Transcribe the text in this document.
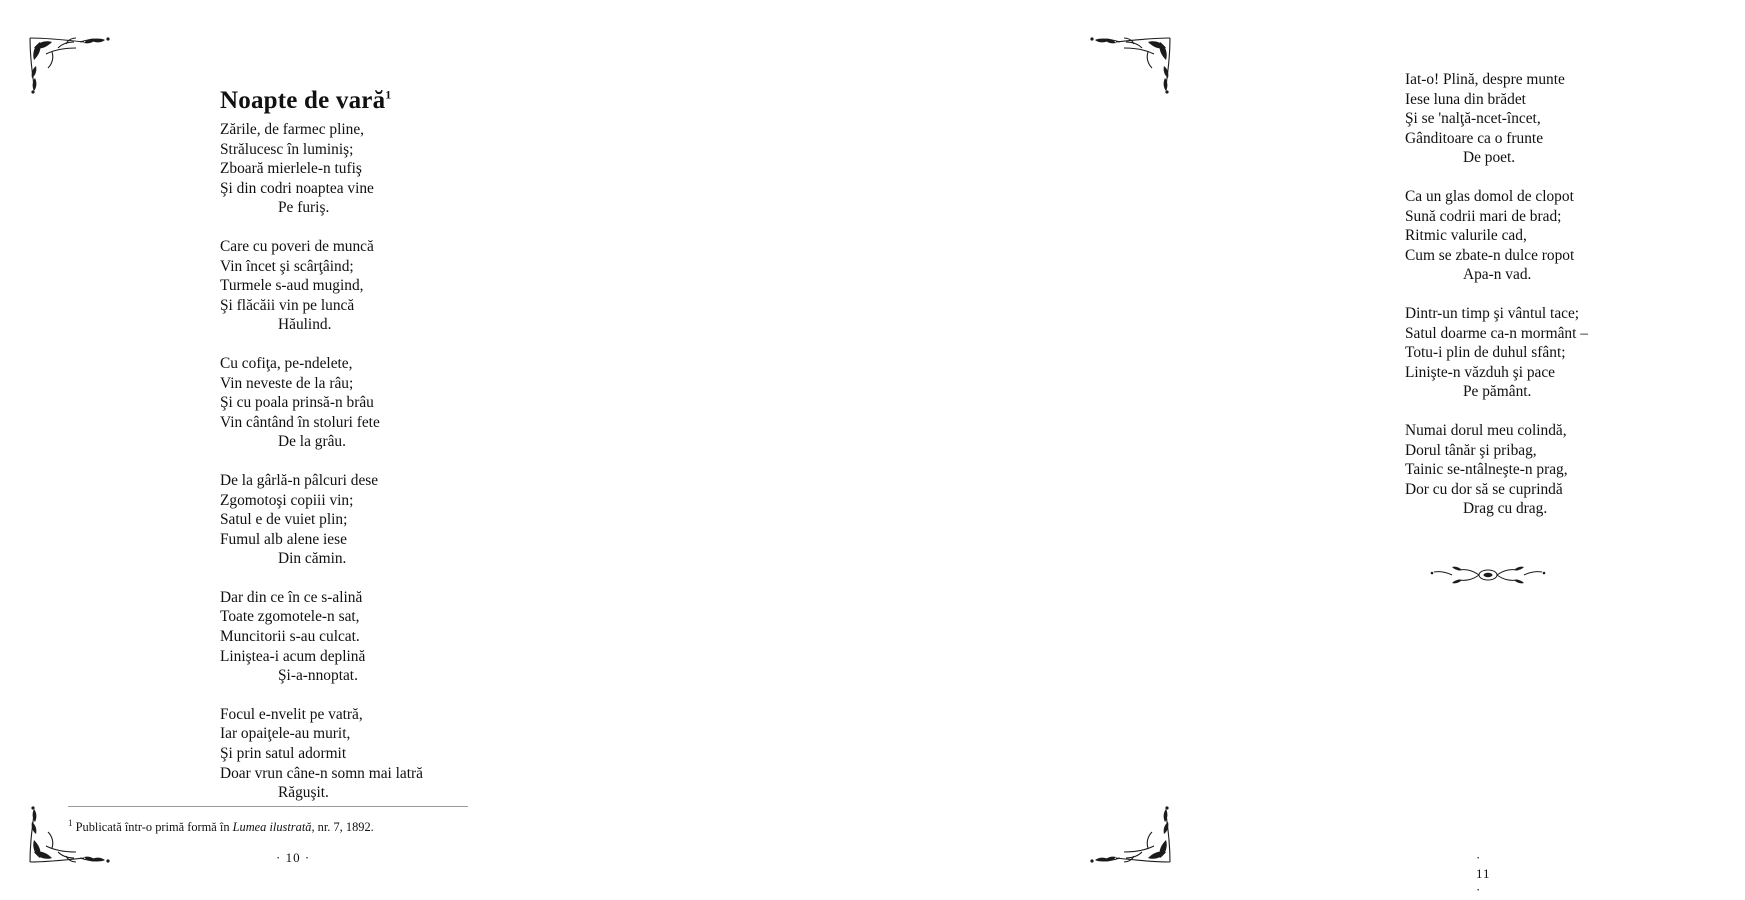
Noapte de vară$^1$
Zările, de farmec pline,
Strălucesc în luminiş;
Zboară mierlele-n tufiş
Şi din codri noaptea vine
Pe furiş.
Care cu poveri de muncă
Vin încet şi scârţâind;
Turmele s-aud mugind,
Şi flăcăii vin pe luncă
Hăulind.
Cu cofiţa, pe-ndelete,
Vin neveste de la râu;
Şi cu poala prinsă-n brâu
Vin cântând în stoluri fete
De la grâu.
De la gârlă-n pâlcuri dese
Zgomotoşi copiii vin;
Satul e de vuiet plin;
Fumul alb alene iese
Din cămin.
Dar din ce în ce s-alină
Toate zgomotele-n sat,
Muncitorii s-au culcat.
Liniştea-i acum deplină
Şi-a-nnoptat.
Focul e-nvelit pe vatră,
Iar opaiţele-au murit,
Şi prin satul adormit
Doar vrun câne-n somn mai latră
Răguşit.
$^1$ Publicată într-o primă formă în Lumea ilustrată, nr. 7, 1892.
· 10 ·
Iat-o! Plină, despre munte
Iese luna din brădet
Şi se 'nalţă-ncet-încet,
Gânditoare ca o frunte
De poet.
Ca un glas domol de clopot
Sună codrii mari de brad;
Ritmic valurile cad,
Cum se zbate-n dulce ropot
Apa-n vad.
Dintr-un timp şi vântul tace;
Satul doarme ca-n mormânt –
Totu-i plin de duhul sfânt;
Linişte-n văzduh şi pace
Pe pământ.
Numai dorul meu colindă,
Dorul tânăr şi pribag,
Tainic se-ntâlneşte-n prag,
Dor cu dor să se cuprindă
Drag cu drag.
· 11 ·
